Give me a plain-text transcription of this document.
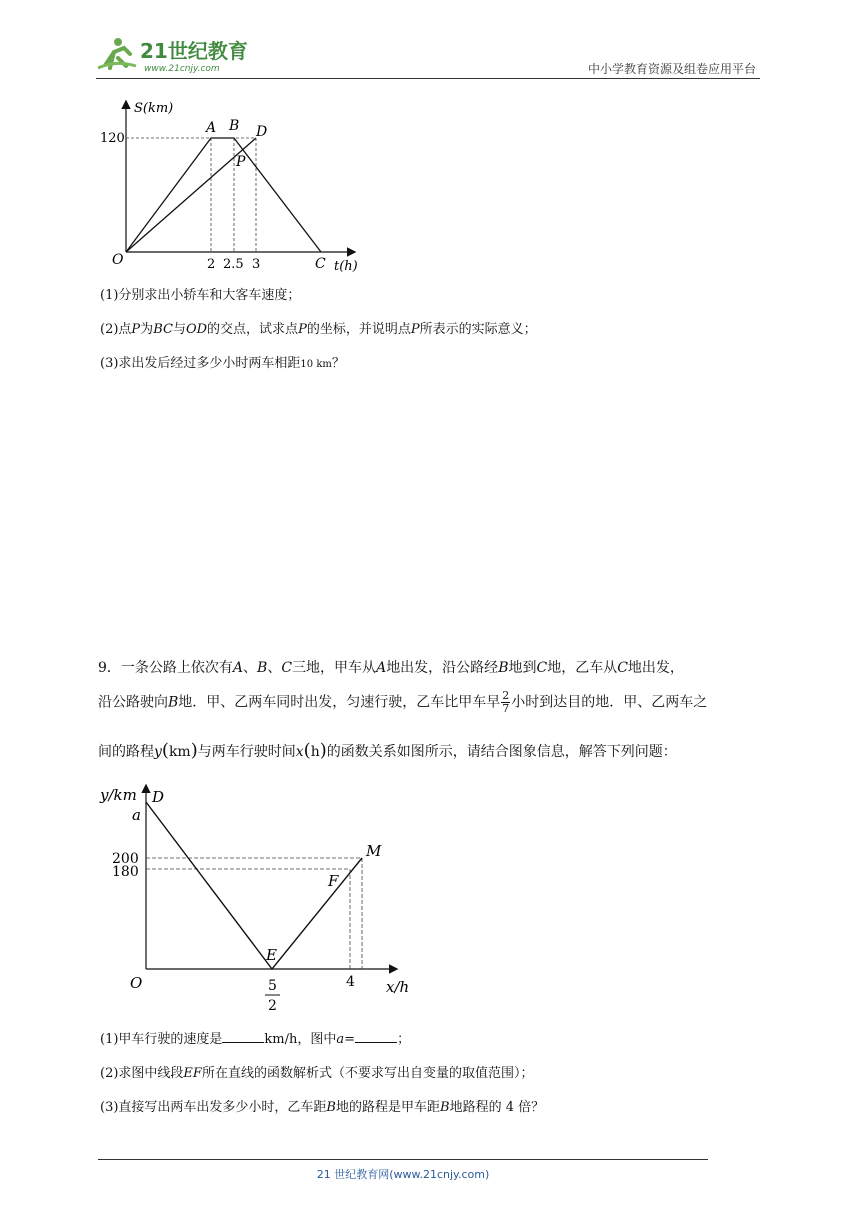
21世纪教育
www.21cnjy.com	中小学教育资源及组卷应用平台
S(km)
t(h)
O
120
2 2.5 3
A B D
P
C
(1)分别求出小轿车和大客车速度；
(2)点P为BC与OD的交点，试求点P的坐标，并说明点P所表示的实际意义；
(3)求出发后经过多少小时两车相距10 km？
9．一条公路上依次有A、B、C三地，甲车从A地出发，沿公路经B地到C地，乙车从C地出发，
沿公路驶向B地．甲、乙两车同时出发，匀速行驶，乙车比甲车早 $\frac{2}{7}$ 小时到达目的地．甲、乙两车之
间的路程y(km)与两车行驶时间x(h)的函数关系如图所示，请结合图象信息，解答下列问题：
y/km
x/h
O
a
200
180
D
E
F
M
4
5
2
(1)甲车行驶的速度是	km/h，图中a=	；
(2)求图中线段EF所在直线的函数解析式（不要求写出自变量的取值范围）；
(3)直接写出两车出发多少小时，乙车距B地的路程是甲车距B地路程的 4 倍？
21 世纪教育网(www.21cnjy.com)
